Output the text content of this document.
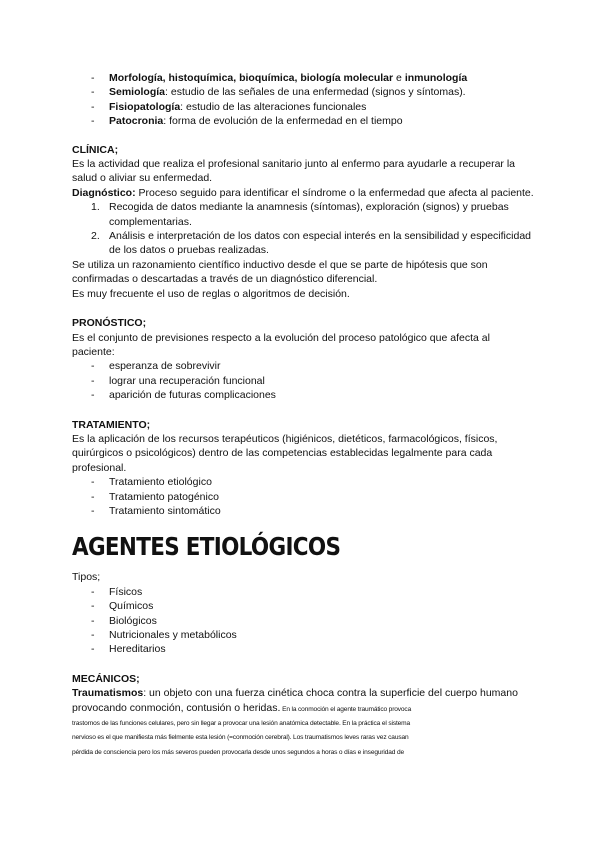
- Morfología, histoquímica, bioquímica, biología molecular e inmunología
- Semiología: estudio de las señales de una enfermedad (signos y síntomas).
- Fisiopatología: estudio de las alteraciones funcionales
- Patocronia: forma de evolución de la enfermedad en el tiempo
CLÍNICA;

Es la actividad que realiza el profesional sanitario junto al enfermo para ayudarle a recuperar la salud o aliviar su enfermedad.

Diagnóstico: Proceso seguido para identificar el síndrome o la enfermedad que afecta al paciente.

1. Recogida de datos mediante la anamnesis (síntomas), exploración (signos) y pruebas complementarias.
2. Análisis e interpretación de los datos con especial interés en la sensibilidad y especificidad de los datos o pruebas realizadas.

Se utiliza un razonamiento científico inductivo desde el que se parte de hipótesis que son confirmadas o descartadas a través de un diagnóstico diferencial.

Es muy frecuente el uso de reglas o algoritmos de decisión.

PRONÓSTICO;

Es el conjunto de previsiones respecto a la evolución del proceso patológico que afecta al paciente:

- esperanza de sobrevivir
- lograr una recuperación funcional
- aparición de futuras complicaciones
TRATAMIENTO;

Es la aplicación de los recursos terapéuticos (higiénicos, dietéticos, farmacológicos, físicos, quirúrgicos o psicológicos) dentro de las competencias establecidas legalmente para cada profesional.

- Tratamiento etiológico
- Tratamiento patogénico
- Tratamiento sintomático
AGENTES ETIOLÓGICOS

Tipos;

- Físicos
- Químicos
- Biológicos
- Nutricionales y metabólicos
- Hereditarios
MECÁNICOS;

Traumatismos: un objeto con una fuerza cinética choca contra la superficie del cuerpo humano provocando conmoción, contusión o heridas. En la conmoción el agente traumático provoca

trastornos de las funciones celulares, pero sin llegar a provocar una lesión anatómica detectable. En la práctica el sistema

nervioso es el que manifiesta más fielmente esta lesión (=conmoción cerebral). Los traumatismos leves raras vez causan

pérdida de consciencia pero los más severos pueden provocarla desde unos segundos a horas o días e inseguridad de
